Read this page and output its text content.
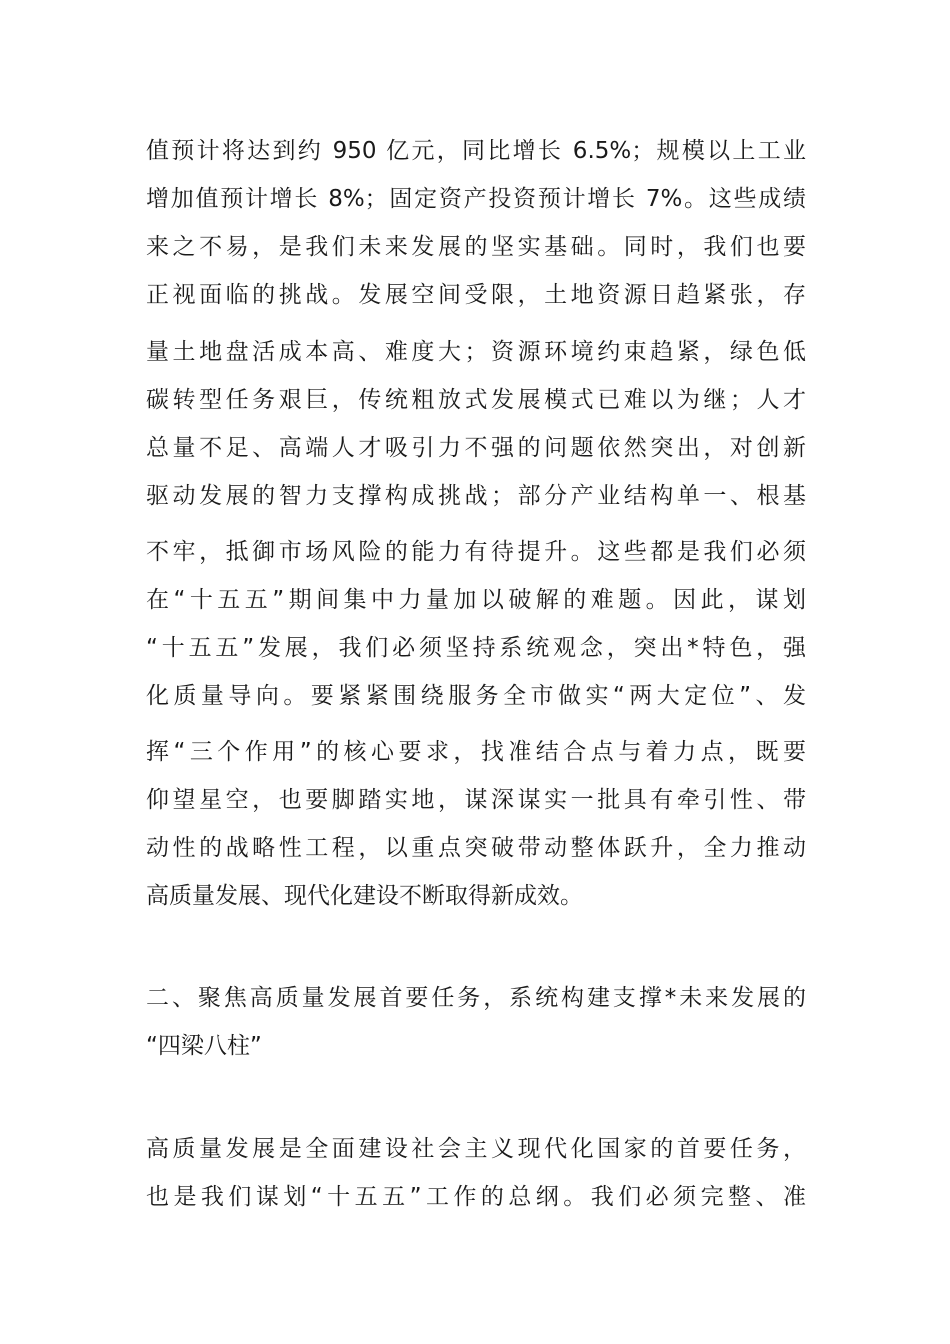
值预计将达到约 950 亿元，同比增长 6.5%；规模以上工业
增加值预计增长 8%；固定资产投资预计增长 7%。这些成绩
来之不易，是我们未来发展的坚实基础。同时，我们也要
正视面临的挑战。发展空间受限，土地资源日趋紧张，存
量土地盘活成本高、难度大；资源环境约束趋紧，绿色低
碳转型任务艰巨，传统粗放式发展模式已难以为继；人才
总量不足、高端人才吸引力不强的问题依然突出，对创新
驱动发展的智力支撑构成挑战；部分产业结构单一、根基
不牢，抵御市场风险的能力有待提升。这些都是我们必须
在“十五五”期间集中力量加以破解的难题。因此，谋划
“十五五”发展，我们必须坚持系统观念，突出*特色，强
化质量导向。要紧紧围绕服务全市做实“两大定位”、发
挥“三个作用”的核心要求，找准结合点与着力点，既要
仰望星空，也要脚踏实地，谋深谋实一批具有牵引性、带
动性的战略性工程，以重点突破带动整体跃升，全力推动
高质量发展、现代化建设不断取得新成效。
二、聚焦高质量发展首要任务，系统构建支撑*未来发展的
“四梁八柱”
高质量发展是全面建设社会主义现代化国家的首要任务，
也是我们谋划“十五五”工作的总纲。我们必须完整、准
